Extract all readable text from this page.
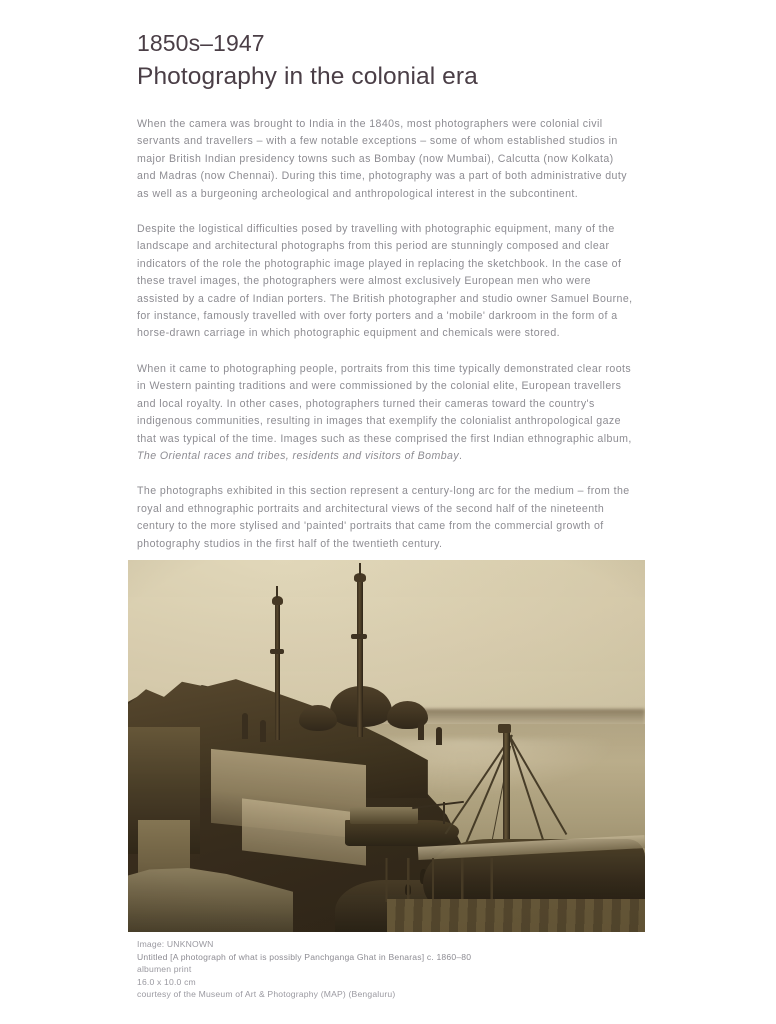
1850s–1947
Photography in the colonial era

When the camera was brought to India in the 1840s, most photographers were colonial civil servants and travellers – with a few notable exceptions – some of whom established studios in major British Indian presidency towns such as Bombay (now Mumbai), Calcutta (now Kolkata) and Madras (now Chennai). During this time, photography was a part of both administrative duty as well as a burgeoning archeological and anthropological interest in the subcontinent.

Despite the logistical difficulties posed by travelling with photographic equipment, many of the landscape and architectural photographs from this period are stunningly composed and clear indicators of the role the photographic image played in replacing the sketchbook. In the case of these travel images, the photographers were almost exclusively European men who were assisted by a cadre of Indian porters. The British photographer and studio owner Samuel Bourne, for instance, famously travelled with over forty porters and a 'mobile' darkroom in the form of a horse-drawn carriage in which photographic equipment and chemicals were stored.

When it came to photographing people, portraits from this time typically demonstrated clear roots in Western painting traditions and were commissioned by the colonial elite, European travellers and local royalty. In other cases, photographers turned their cameras toward the country's indigenous communities, resulting in images that exemplify the colonialist anthropological gaze that was typical of the time. Images such as these comprised the first Indian ethnographic album, The Oriental races and tribes, residents and visitors of Bombay.

The photographs exhibited in this section represent a century-long arc for the medium – from the royal and ethnographic portraits and architectural views of the second half of the nineteenth century to the more stylised and 'painted' portraits that came from the commercial growth of photography studios in the first half of the twentieth century.

Image: UNKNOWN
Untitled [A photograph of what is possibly Panchganga Ghat in Benaras] c. 1860–80
albumen print
16.0 x 10.0 cm
courtesy of the Museum of Art & Photography (MAP) (Bengaluru)
